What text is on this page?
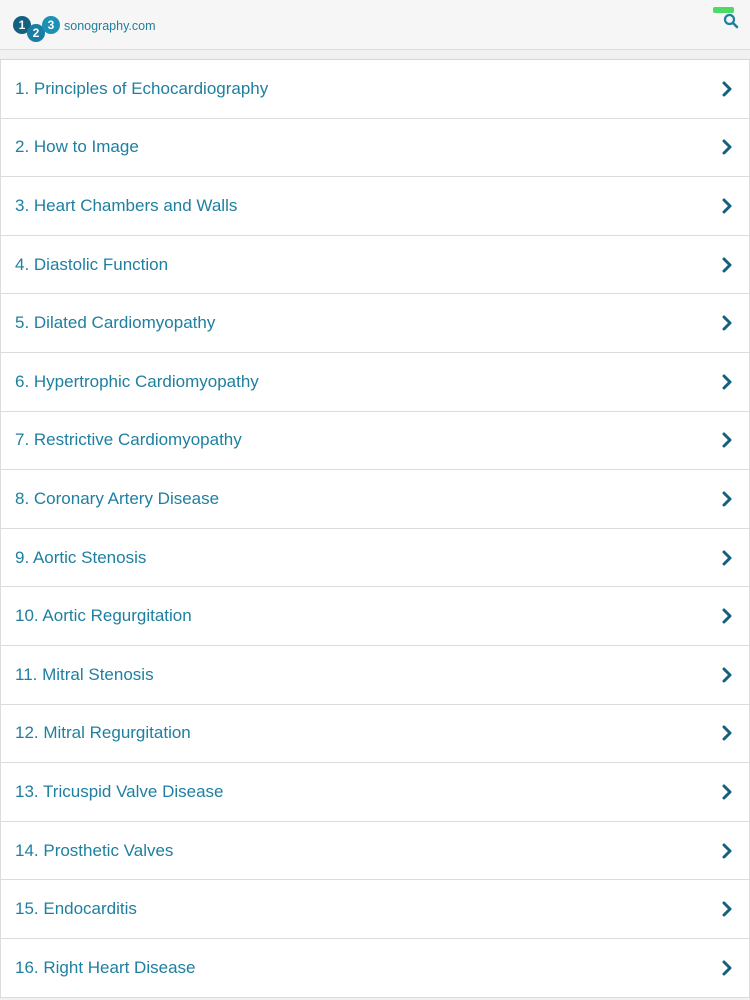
1
2
3 sonography.com
1. Principles of Echocardiography
2. How to Image
3. Heart Chambers and Walls
4. Diastolic Function
5. Dilated Cardiomyopathy
6. Hypertrophic Cardiomyopathy
7. Restrictive Cardiomyopathy
8. Coronary Artery Disease
9. Aortic Stenosis
10. Aortic Regurgitation
11. Mitral Stenosis
12. Mitral Regurgitation
13. Tricuspid Valve Disease
14. Prosthetic Valves
15. Endocarditis
16. Right Heart Disease
